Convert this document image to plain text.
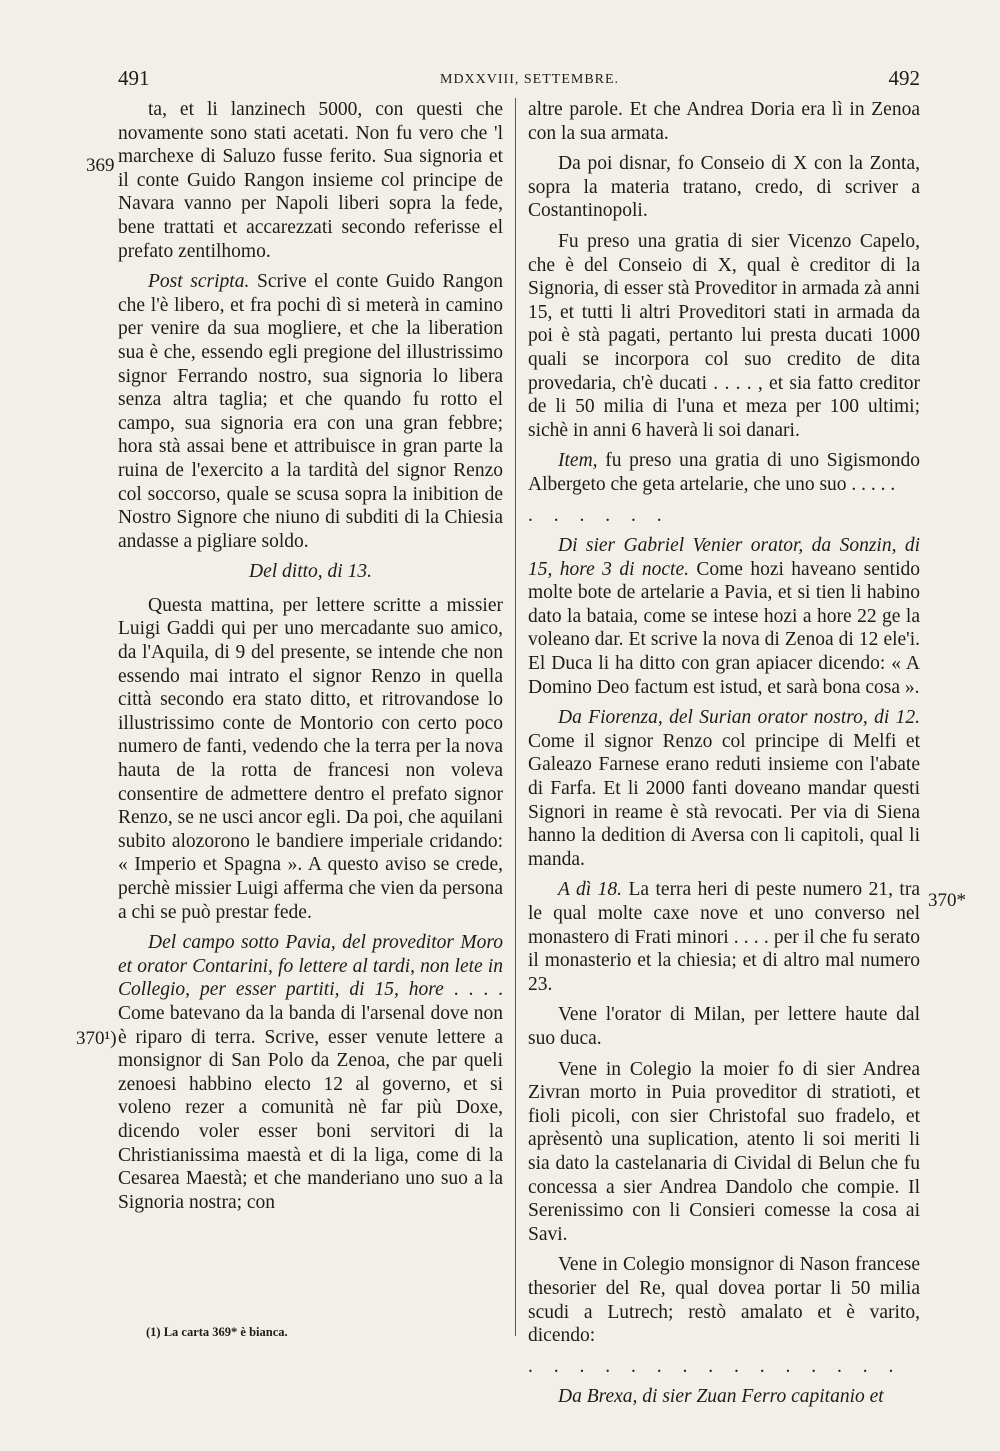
491	MDXXVIII, SETTEMBRE.	492
369
370¹)
370*

ta, et li lanzinech 5000, con questi che novamente sono stati acetati. Non fu vero che 'l marchexe di Saluzo fusse ferito. Sua signoria et il conte Guido Rangon insieme col principe de Navara vanno per Napoli liberi sopra la fede, bene trattati et accarezzati secondo referisse el prefato zentilhomo.

Post scripta. Scrive el conte Guido Rangon che l'è libero, et fra pochi dì si meterà in camino per venire da sua mogliere, et che la liberation sua è che, essendo egli pregione del illustrissimo signor Ferrando nostro, sua signoria lo libera senza altra taglia; et che quando fu rotto el campo, sua signoria era con una gran febbre; hora stà assai bene et attribuisce in gran parte la ruina de l'exercito a la tardità del signor Renzo col soccorso, quale se scusa sopra la inibition de Nostro Signore che niuno di subditi di la Chiesia andasse a pigliare soldo.

Del ditto, di 13.

Questa mattina, per lettere scritte a missier Luigi Gaddi qui per uno mercadante suo amico, da l'Aquila, di 9 del presente, se intende che non essendo mai intrato el signor Renzo in quella città secondo era stato ditto, et ritrovandose lo illustrissimo conte de Montorio con certo poco numero de fanti, vedendo che la terra per la nova hauta de la rotta de francesi non voleva consentire de admettere dentro el prefato signor Renzo, se ne usci ancor egli. Da poi, che aquilani subito alozorono le bandiere imperiale cridando: « Imperio et Spagna ». A questo aviso se crede, perchè missier Luigi afferma che vien da persona a chi se può prestar fede.

Del campo sotto Pavia, del proveditor Moro et orator Contarini, fo lettere al tardi, non lete in Collegio, per esser partiti, di 15, hore . . . . Come batevano da la banda di l'arsenal dove non è riparo di terra. Scrive, esser venute lettere a monsignor di San Polo da Zenoa, che par queli zenoesi habbino electo 12 al governo, et si voleno rezer a comunità nè far più Doxe, dicendo voler esser boni servitori di la Christianissima maestà et di la liga, come di la Cesarea Maestà; et che manderiano uno suo a la Signoria nostra; con

altre parole. Et che Andrea Doria era lì in Zenoa con la sua armata.

Da poi disnar, fo Conseio di X con la Zonta, sopra la materia tratano, credo, di scriver a Costantinopoli.

Fu preso una gratia di sier Vicenzo Capelo, che è del Conseio di X, qual è creditor di la Signoria, di esser stà Proveditor in armada zà anni 15, et tutti li altri Proveditori stati in armada da poi è stà pagati, pertanto lui presta ducati 1000 quali se incorpora col suo credito de dita provedaria, ch'è ducati . . . . , et sia fatto creditor de li 50 milia di l'una et meza per 100 ultimi; sichè in anni 6 haverà li soi danari.

Item, fu preso una gratia di uno Sigismondo Albergeto che geta artelarie, che uno suo . . . . .

. . . . . .

Di sier Gabriel Venier orator, da Sonzin, di 15, hore 3 di nocte. Come hozi haveano sentido molte bote de artelarie a Pavia, et si tien li habino dato la bataia, come se intese hozi a hore 22 ge la voleano dar. Et scrive la nova di Zenoa di 12 ele'i. El Duca li ha ditto con gran apiacer dicendo: « A Domino Deo factum est istud, et sarà bona cosa ».

Da Fiorenza, del Surian orator nostro, di 12. Come il signor Renzo col principe di Melfi et Galeazo Farnese erano reduti insieme con l'abate di Farfa. Et li 2000 fanti doveano mandar questi Signori in reame è stà revocati. Per via di Siena hanno la dedition di Aversa con li capitoli, qual li manda.

A dì 18. La terra heri di peste numero 21, tra le qual molte caxe nove et uno converso nel monastero di Frati minori . . . . per il che fu serato il monasterio et la chiesia; et di altro mal numero 23.

Vene l'orator di Milan, per lettere haute dal suo duca.

Vene in Colegio la moier fo di sier Andrea Zivran morto in Puia proveditor di stratioti, et fioli picoli, con sier Christofal suo fradelo, et aprèsentò una suplication, atento li soi meriti li sia dato la castelanaria di Cividal di Belun che fu concessa a sier Andrea Dandolo che compie. Il Serenissimo con li Consieri comesse la cosa ai Savi.

Vene in Colegio monsignor di Nason francese thesorier del Re, qual dovea portar li 50 milia scudi a Lutrech; restò amalato et è varito, dicendo:

. . . . . . . . . . . . . . .

Da Brexa, di sier Zuan Ferro capitanio et

(1) La carta 369* è bianca.
